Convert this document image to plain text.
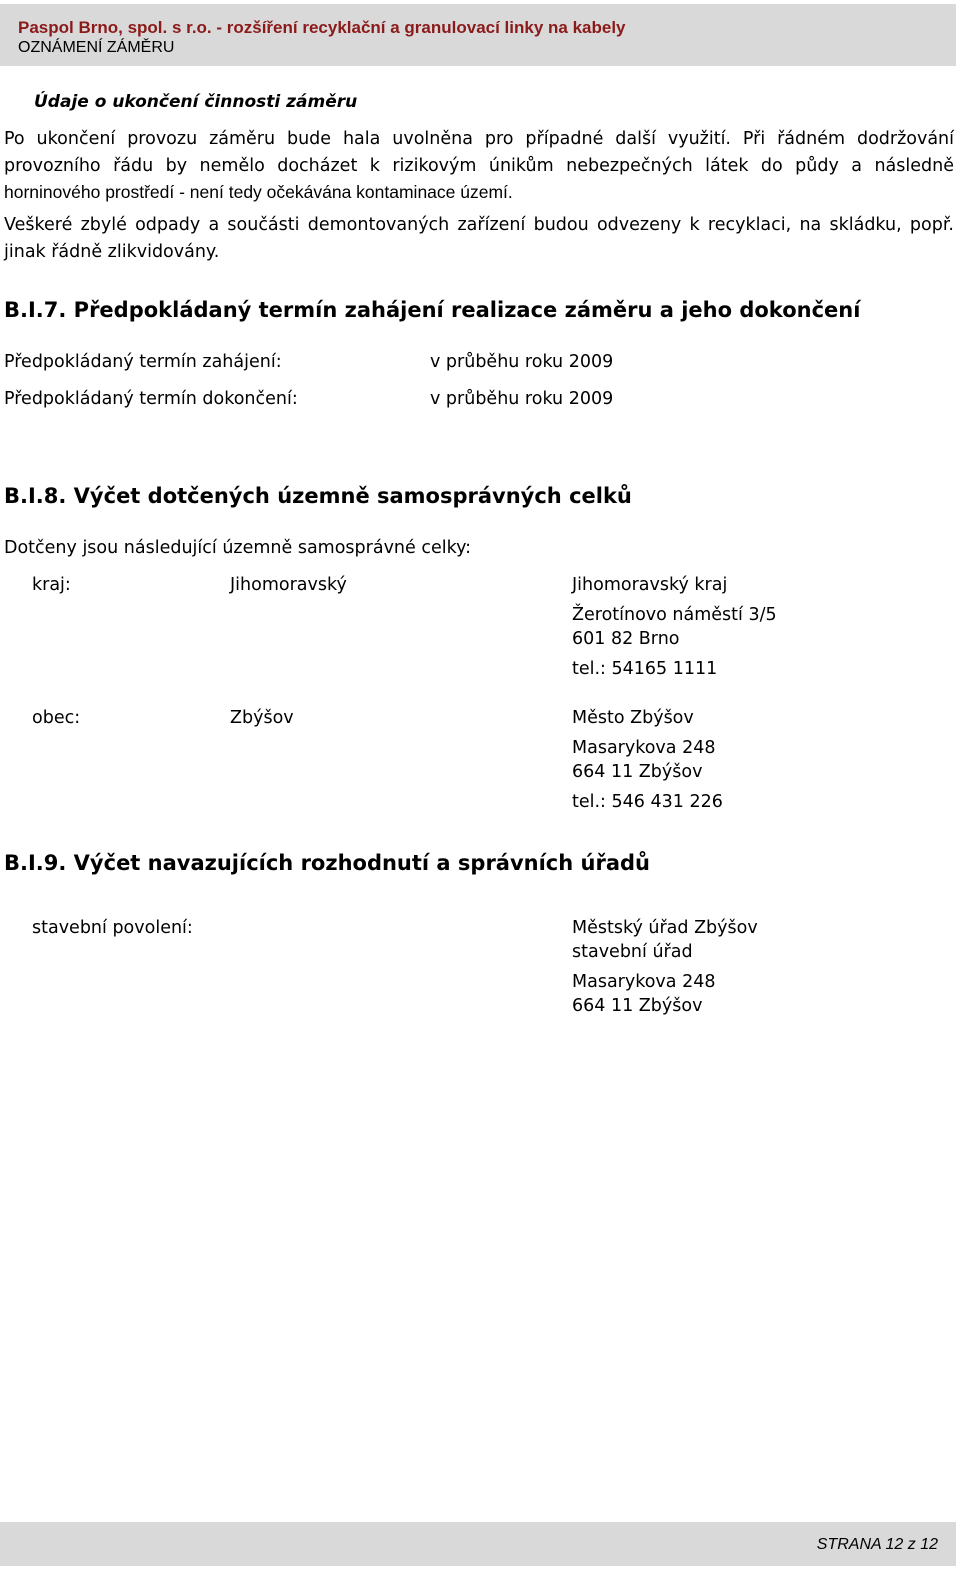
Paspol Brno, spol. s r.o. - rozšíření recyklační a granulovací linky na kabely
OZNÁMENÍ ZÁMĚRU
Údaje o ukončení činnosti záměru
Po ukončení provozu záměru bude hala uvolněna pro případné další využití. Při řádném dodržování
provozního řádu by nemělo docházet k rizikovým únikům nebezpečných látek do půdy a následně
horninového prostředí - není tedy očekávána kontaminace území.
Veškeré zbylé odpady a součásti demontovaných zařízení budou odvezeny k recyklaci, na skládku, popř.
jinak řádně zlikvidovány.
B.I.7. Předpokládaný termín zahájení realizace záměru a jeho dokončení
Předpokládaný termín zahájení:	v průběhu roku 2009
Předpokládaný termín dokončení:	v průběhu roku 2009
B.I.8. Výčet dotčených územně samosprávných celků
Dotčeny jsou následující územně samosprávné celky:
kraj:	Jihomoravský	Jihomoravský kraj
Žerotínovo náměstí 3/5
601 82 Brno
tel.: 54165 1111
obec:	Zbýšov	Město Zbýšov
Masarykova 248
664 11 Zbýšov
tel.: 546 431 226
B.I.9. Výčet navazujících rozhodnutí a správních úřadů
stavební povolení:	Městský úřad Zbýšov
stavební úřad
Masarykova 248
664 11 Zbýšov
STRANA 12 z 12
